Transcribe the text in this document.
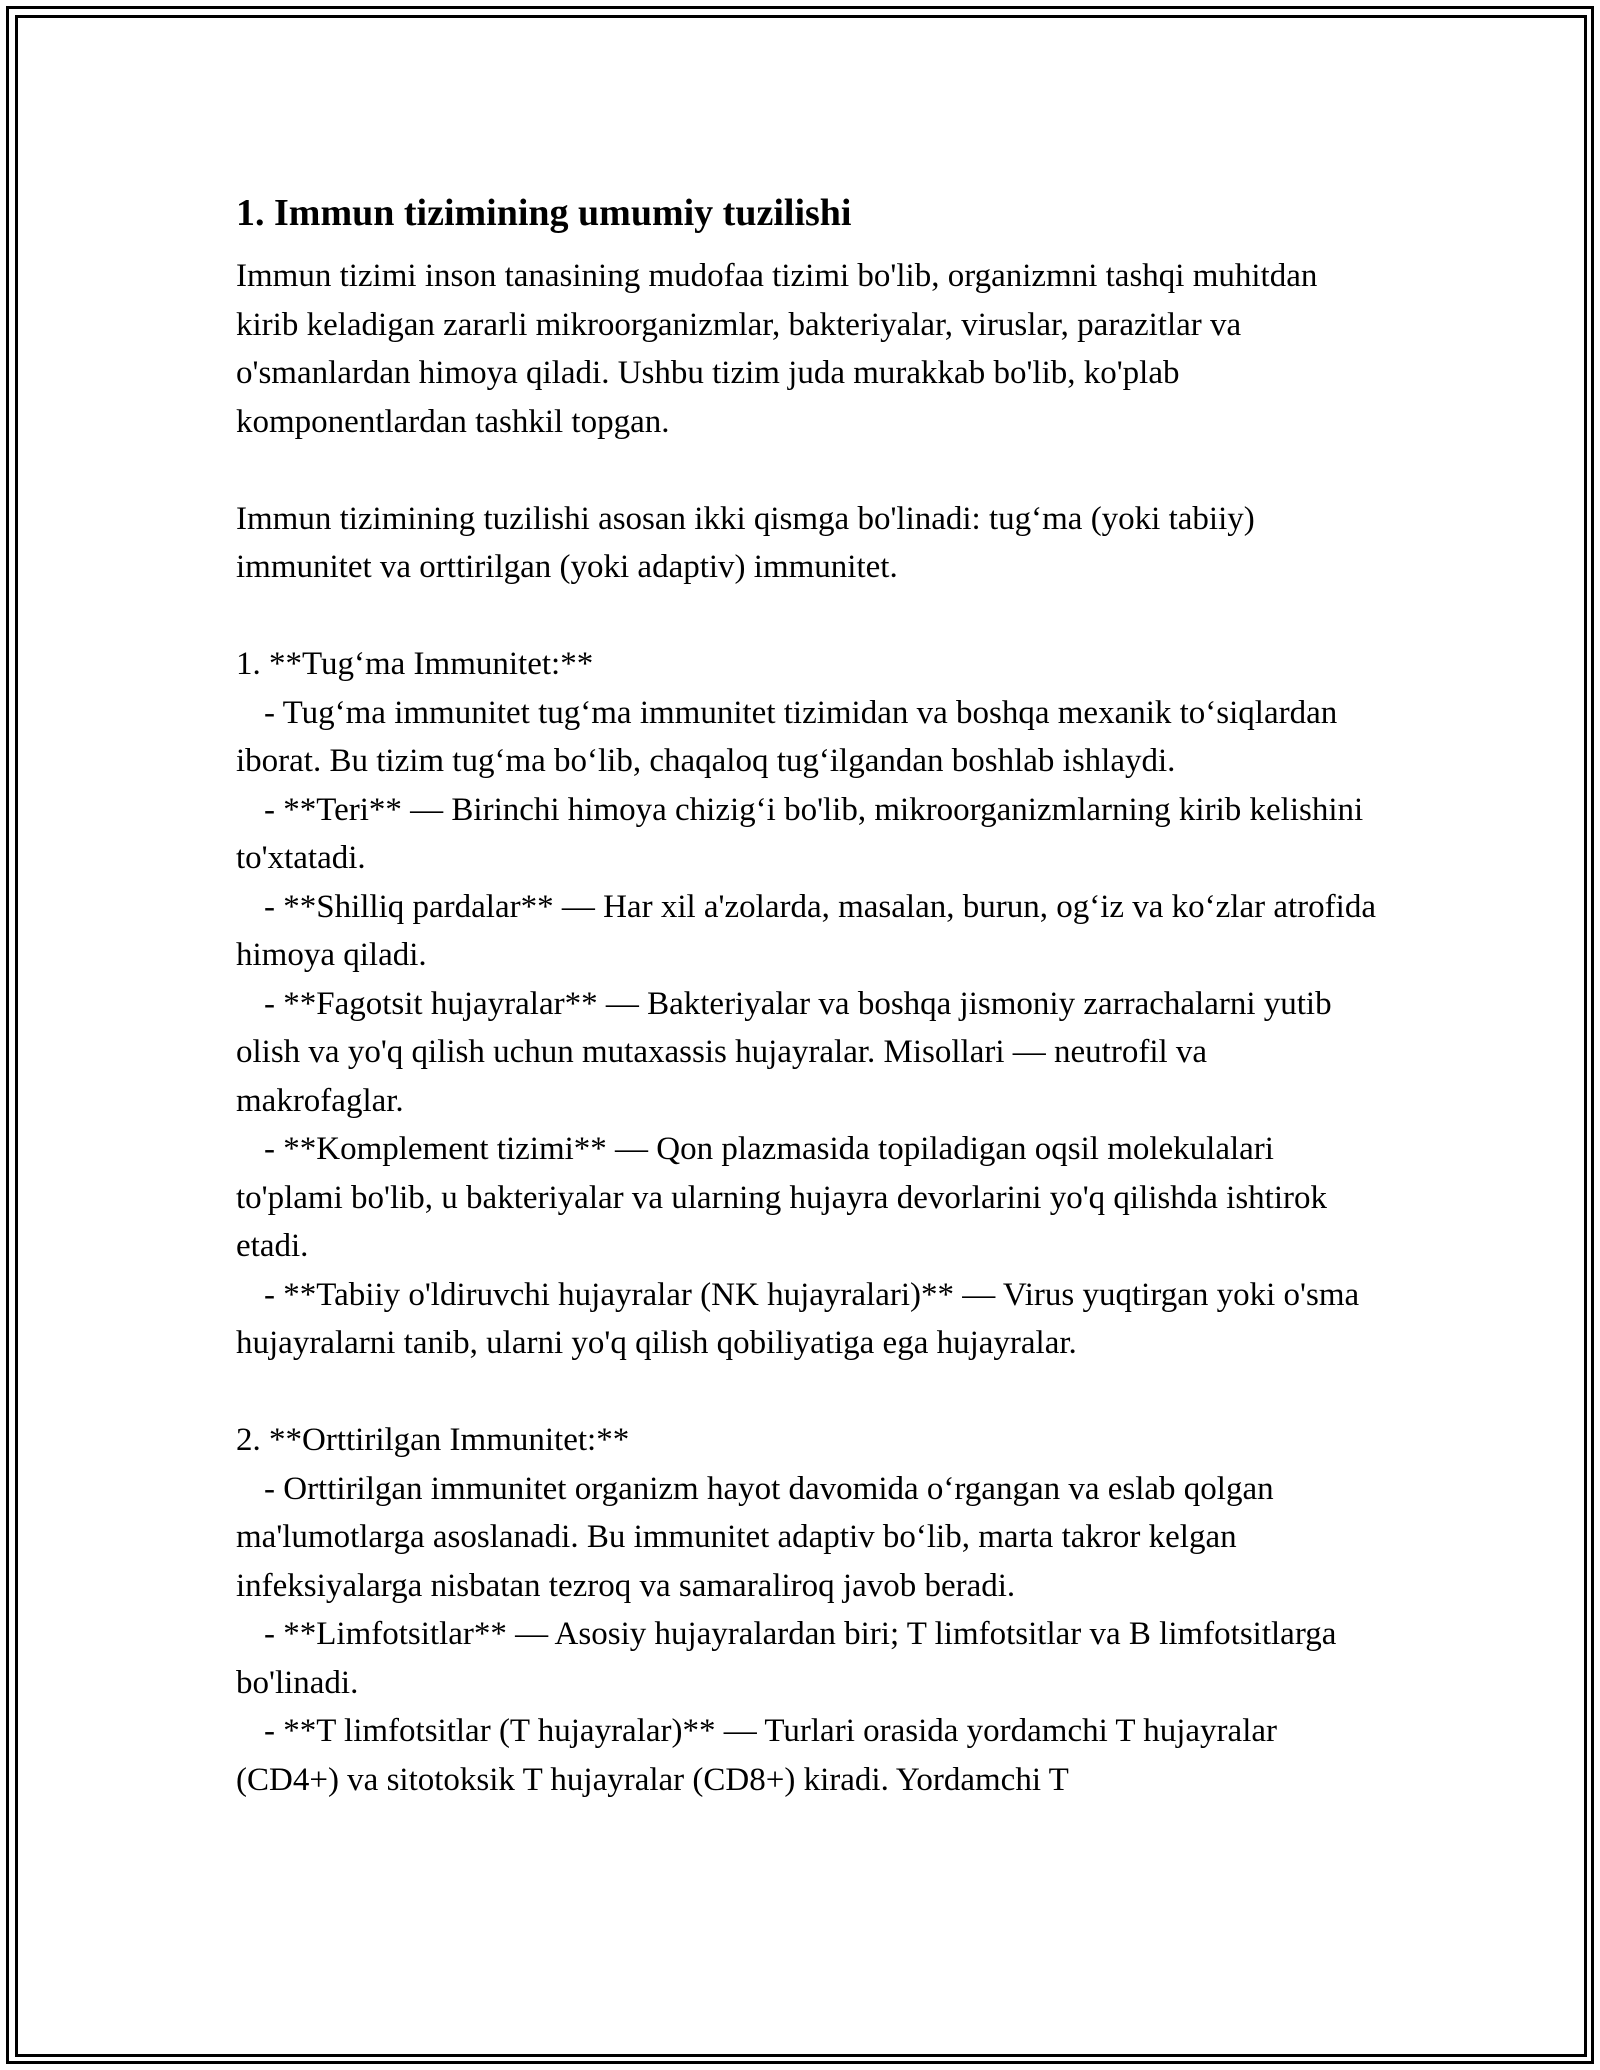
1. Immun tizimining umumiy tuzilishi

Immun tizimi inson tanasining mudofaa tizimi bo'lib, organizmni tashqi muhitdan kirib keladigan zararli mikroorganizmlar, bakteriyalar, viruslar, parazitlar va o'smanlardan himoya qiladi. Ushbu tizim juda murakkab bo'lib, ko'plab komponentlardan tashkil topgan.

Immun tizimining tuzilishi asosan ikki qismga bo'linadi: tug‘ma (yoki tabiiy) immunitet va orttirilgan (yoki adaptiv) immunitet.

1. **Tug‘ma Immunitet:**

- Tug‘ma immunitet tug‘ma immunitet tizimidan va boshqa mexanik to‘siqlardan iborat. Bu tizim tug‘ma bo‘lib, chaqaloq tug‘ilgandan boshlab ishlaydi.

- **Teri** — Birinchi himoya chizig‘i bo'lib, mikroorganizmlarning kirib kelishini to'xtatadi.

- **Shilliq pardalar** — Har xil a'zolarda, masalan, burun, og‘iz va ko‘zlar atrofida himoya qiladi.

- **Fagotsit hujayralar** — Bakteriyalar va boshqa jismoniy zarrachalarni yutib olish va yo'q qilish uchun mutaxassis hujayralar. Misollari — neutrofil va makrofaglar.

- **Komplement tizimi** — Qon plazmasida topiladigan oqsil molekulalari to'plami bo'lib, u bakteriyalar va ularning hujayra devorlarini yo'q qilishda ishtirok etadi.

- **Tabiiy o'ldiruvchi hujayralar (NK hujayralari)** — Virus yuqtirgan yoki o'sma hujayralarni tanib, ularni yo'q qilish qobiliyatiga ega hujayralar.

2. **Orttirilgan Immunitet:**

- Orttirilgan immunitet organizm hayot davomida o‘rgangan va eslab qolgan ma'lumotlarga asoslanadi. Bu immunitet adaptiv bo‘lib, marta takror kelgan infeksiyalarga nisbatan tezroq va samaraliroq javob beradi.

- **Limfotsitlar** — Asosiy hujayralardan biri; T limfotsitlar va B limfotsitlarga bo'linadi.

- **T limfotsitlar (T hujayralar)** — Turlari orasida yordamchi T hujayralar (CD4+) va sitotoksik T hujayralar (CD8+) kiradi. Yordamchi T
